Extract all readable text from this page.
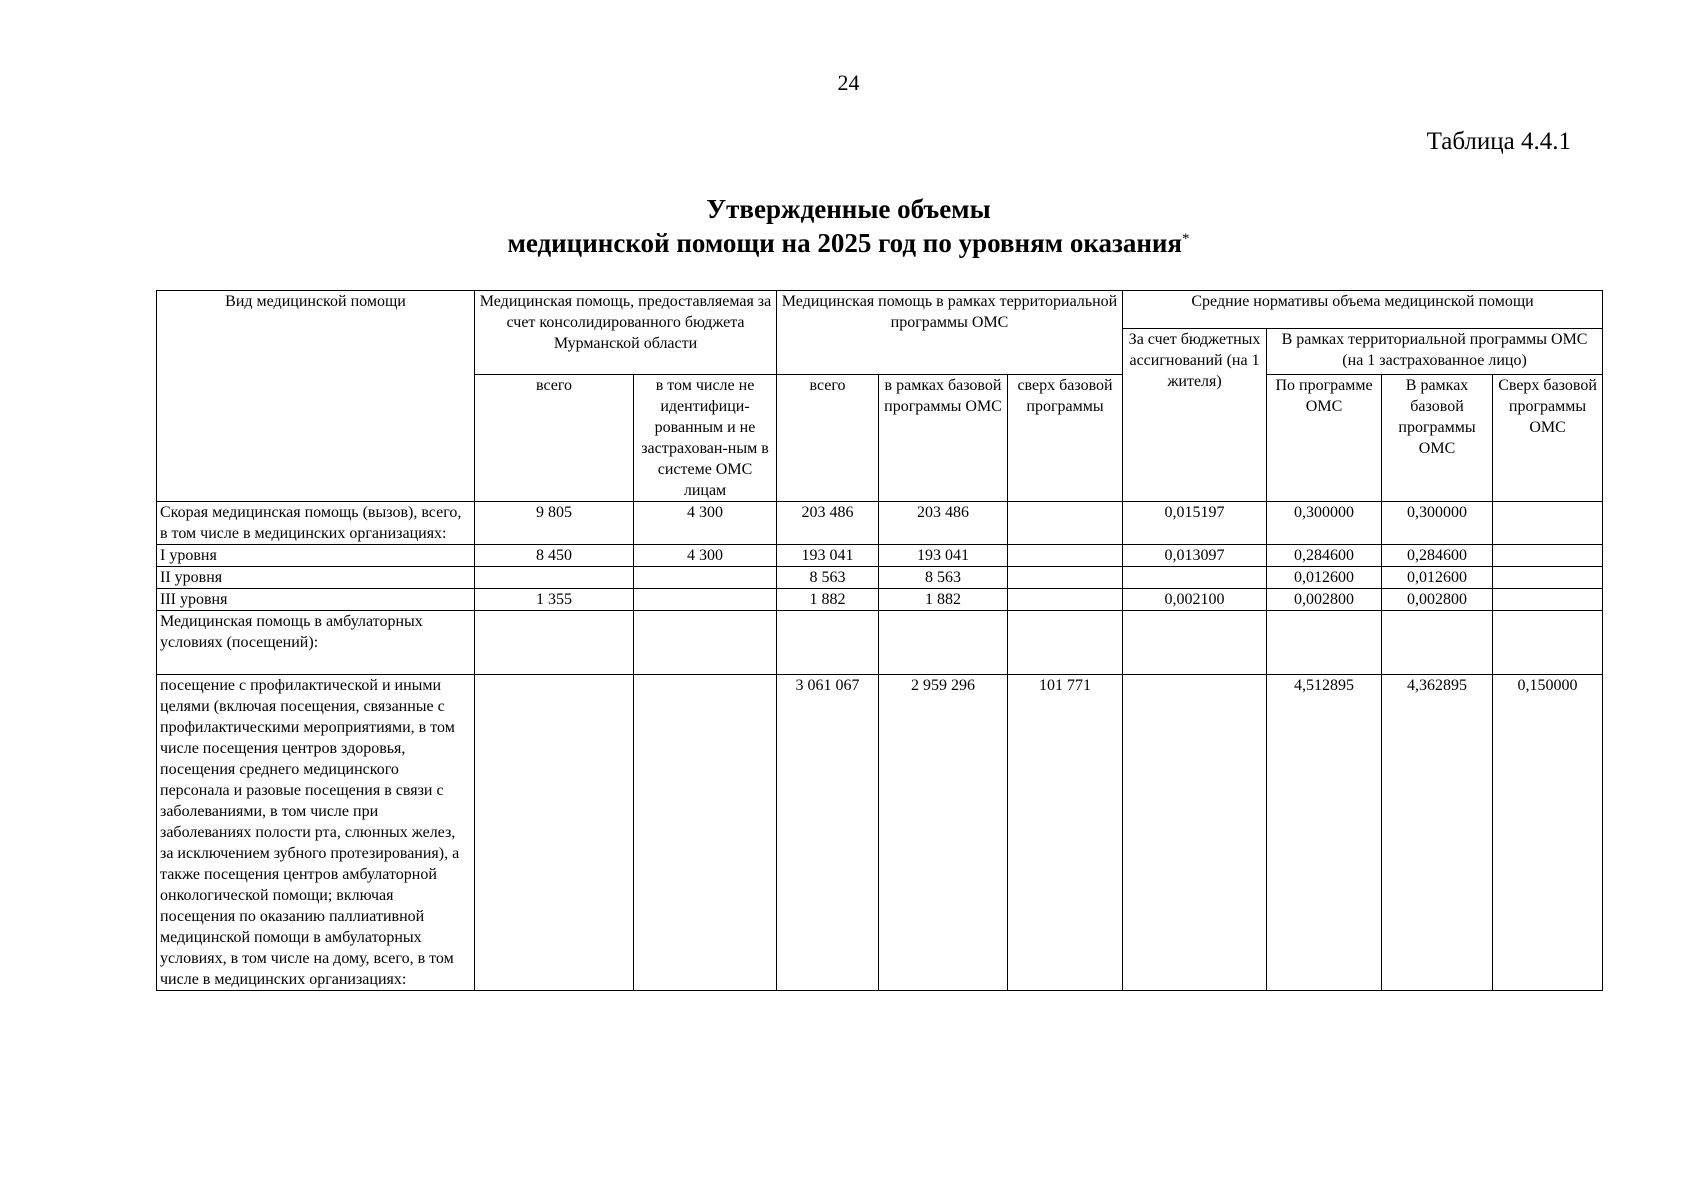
24
Таблица 4.4.1
Утвержденные объемы
медицинской помощи на 2025 год по уровням оказания*
Вид медицинской помощи	Медицинская помощь, предоставляемая за счет консолидированного бюджета Мурманской области		Медицинская помощь в рамках территориальной программы ОМС			Средние нормативы объема медицинской помощи			
						За счет бюджетных ассигнований (на 1 жителя)	В рамках территориальной программы ОМС (на 1 застрахованное лицо)		
	всего	в том числе не идентифици-рованным и не застрахован-ным в системе ОМС лицам	всего	в рамках базовой программы ОМС	сверх базовой программы		По программе ОМС	В рамках базовой программы ОМС	Сверх базовой программы ОМС
Скорая медицинская помощь (вызов), всего, в том числе в медицинских организациях:	9 805	4 300	203 486	203 486		0,015197	0,300000	0,300000	
I уровня	8 450	4 300	193 041	193 041		0,013097	0,284600	0,284600	
II уровня			8 563	8 563			0,012600	0,012600	
III уровня	1 355		1 882	1 882		0,002100	0,002800	0,002800	
Медицинская помощь в амбулаторных условиях (посещений):									
посещение с профилактической и иными целями (включая посещения, связанные с профилактическими мероприятиями, в том числе посещения центров здоровья, посещения среднего медицинского персонала и разовые посещения в связи с заболеваниями, в том числе при заболеваниях полости рта, слюнных желез, за исключением зубного протезирования), а также посещения центров амбулаторной онкологической помощи; включая посещения по оказанию паллиативной медицинской помощи в амбулаторных условиях, в том числе на дому, всего, в том числе в медицинских организациях:			3 061 067	2 959 296	101 771		4,512895	4,362895	0,150000
